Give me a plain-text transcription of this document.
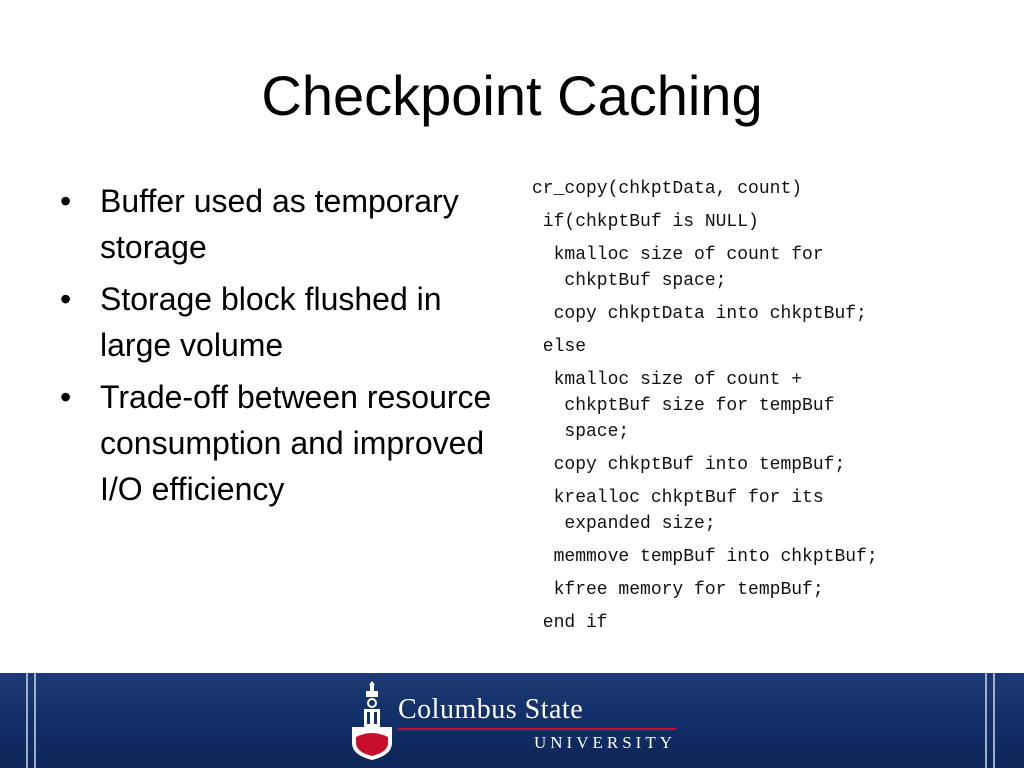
Checkpoint Caching
• Buffer used as temporary storage
• Storage block flushed in large volume
• Trade-off between resource consumption and improved I/O efficiency
cr_copy(chkptData, count)
if(chkptBuf is NULL)
kmalloc size of count for
chkptBuf space;
copy chkptData into chkptBuf;
else
kmalloc size of count +
chkptBuf size for tempBuf
space;
copy chkptBuf into tempBuf;
krealloc chkptBuf for its
expanded size;
memmove tempBuf into chkptBuf;
kfree memory for tempBuf;
end if
Columbus State
UNIVERSITY
